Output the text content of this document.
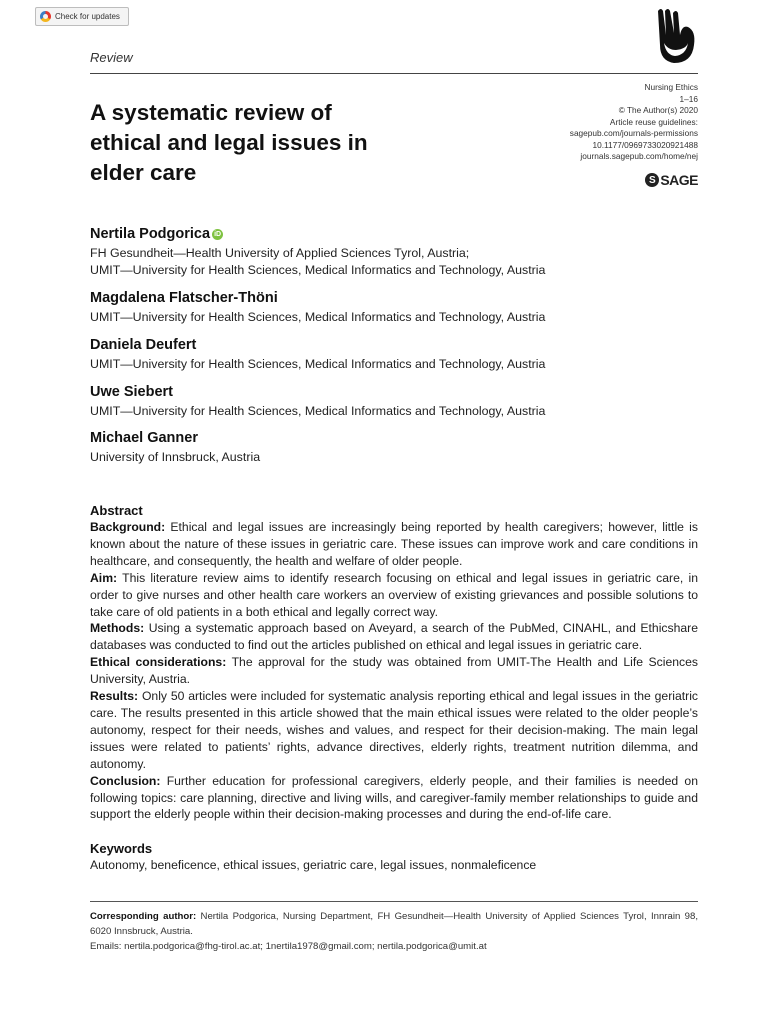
Check for updates
Review
A systematic review of ethical and legal issues in elder care
Nursing Ethics
1–16
© The Author(s) 2020
Article reuse guidelines:
sagepub.com/journals-permissions
10.1177/0969733020921488
journals.sagepub.com/home/nej
S SAGE
Nertila Podgorica iD
FH Gesundheit—Health University of Applied Sciences Tyrol, Austria;
UMIT—University for Health Sciences, Medical Informatics and Technology, Austria
Magdalena Flatscher-Thöni
UMIT—University for Health Sciences, Medical Informatics and Technology, Austria
Daniela Deufert
UMIT—University for Health Sciences, Medical Informatics and Technology, Austria
Uwe Siebert
UMIT—University for Health Sciences, Medical Informatics and Technology, Austria
Michael Ganner
University of Innsbruck, Austria
Abstract

Background: Ethical and legal issues are increasingly being reported by health caregivers; however, little is known about the nature of these issues in geriatric care. These issues can improve work and care conditions in healthcare, and consequently, the health and welfare of older people.

Aim: This literature review aims to identify research focusing on ethical and legal issues in geriatric care, in order to give nurses and other health care workers an overview of existing grievances and possible solutions to take care of old patients in a both ethical and legally correct way.

Methods: Using a systematic approach based on Aveyard, a search of the PubMed, CINAHL, and Ethicshare databases was conducted to find out the articles published on ethical and legal issues in geriatric care.

Ethical considerations: The approval for the study was obtained from UMIT-The Health and Life Sciences University, Austria.

Results: Only 50 articles were included for systematic analysis reporting ethical and legal issues in the geriatric care. The results presented in this article showed that the main ethical issues were related to the older people’s autonomy, respect for their needs, wishes and values, and respect for their decision-making. The main legal issues were related to patients’ rights, advance directives, elderly rights, treatment nutrition dilemma, and autonomy.

Conclusion: Further education for professional caregivers, elderly people, and their families is needed on following topics: care planning, directive and living wills, and caregiver-family member relationships to guide and support the elderly people within their decision-making processes and during the end-of-life care.

Keywords

Autonomy, beneficence, ethical issues, geriatric care, legal issues, nonmaleficence

Corresponding author: Nertila Podgorica, Nursing Department, FH Gesundheit—Health University of Applied Sciences Tyrol, Innrain 98, 6020 Innsbruck, Austria.
Emails: nertila.podgorica@fhg-tirol.ac.at; 1nertila1978@gmail.com; nertila.podgorica@umit.at
